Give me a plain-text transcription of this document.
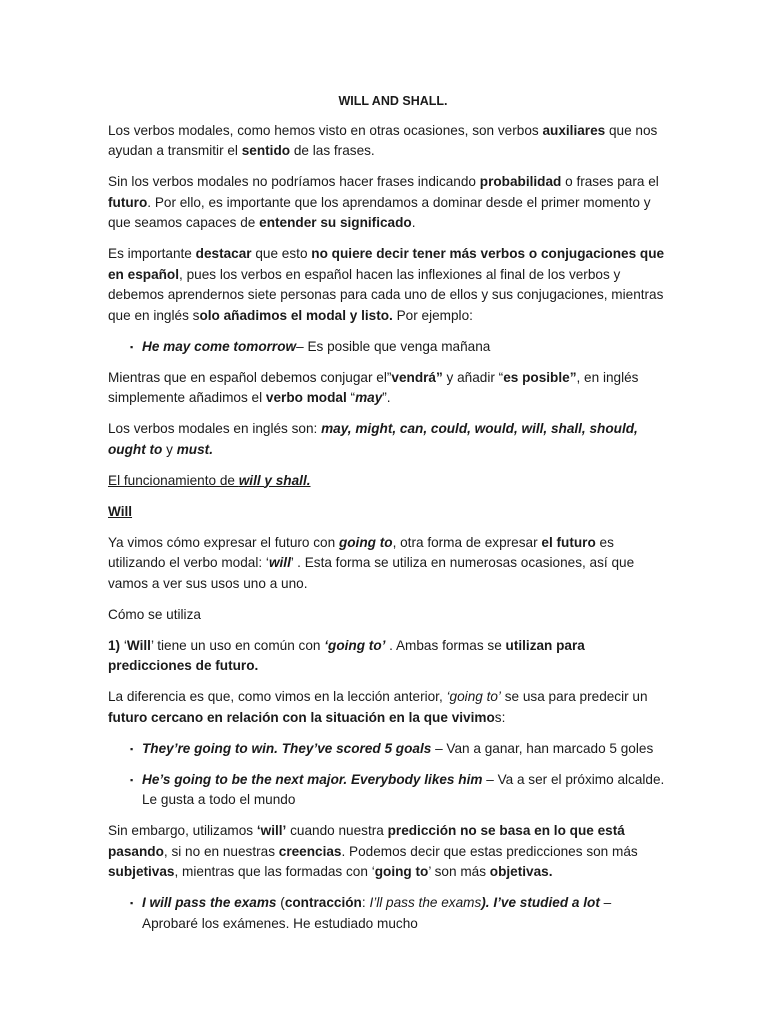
WILL AND SHALL.

Los verbos modales, como hemos visto en otras ocasiones, son verbos auxiliares que nos ayudan a transmitir el sentido de las frases.

Sin los verbos modales no podríamos hacer frases indicando probabilidad o frases para el futuro. Por ello, es importante que los aprendamos a dominar desde el primer momento y que seamos capaces de entender su significado.

Es importante destacar que esto no quiere decir tener más verbos o conjugaciones que en español, pues los verbos en español hacen las inflexiones al final de los verbos y debemos aprendernos siete personas para cada uno de ellos y sus conjugaciones, mientras que en inglés solo añadimos el modal y listo. Por ejemplo:

▪ He may come tomorrow– Es posible que venga mañana

Mientras que en español debemos conjugar el”vendrá” y añadir “es posible”, en inglés simplemente añadimos el verbo modal “may”.

Los verbos modales en inglés son: may, might, can, could, would, will, shall, should, ought to y must.

El funcionamiento de will y shall.

Will

Ya vimos cómo expresar el futuro con going to, otra forma de expresar el futuro es utilizando el verbo modal: ‘will’ . Esta forma se utiliza en numerosas ocasiones, así que vamos a ver sus usos uno a uno.

Cómo se utiliza

1) ‘Will’ tiene un uso en común con ‘going to’ . Ambas formas se utilizan para predicciones de futuro.

La diferencia es que, como vimos en la lección anterior, ‘going to’ se usa para predecir un futuro cercano en relación con la situación en la que vivimos:

▪ They’re going to win. They’ve scored 5 goals – Van a ganar, han marcado 5 goles
▪ He’s going to be the next major. Everybody likes him – Va a ser el próximo alcalde. Le gusta a todo el mundo

Sin embargo, utilizamos ‘will’ cuando nuestra predicción no se basa en lo que está pasando, si no en nuestras creencias. Podemos decir que estas predicciones son más subjetivas, mientras que las formadas con ‘going to’ son más objetivas.

▪ I will pass the exams (contracción: I’ll pass the exams). I’ve studied a lot – Aprobaré los exámenes. He estudiado mucho
